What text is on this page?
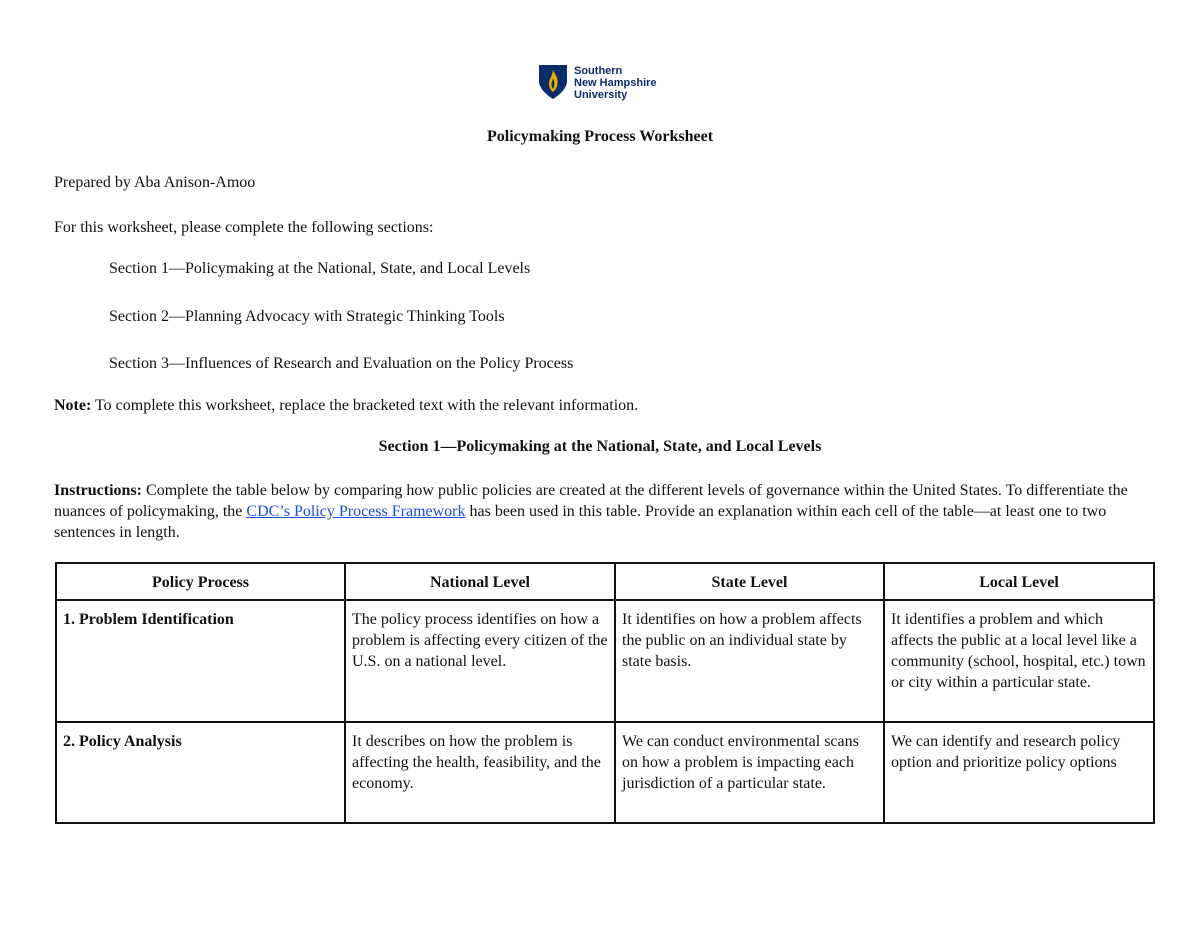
Southern
New Hampshire
University
Policymaking Process Worksheet
Prepared by Aba Anison-Amoo
For this worksheet, please complete the following sections:
Section 1—Policymaking at the National, State, and Local Levels
Section 2—Planning Advocacy with Strategic Thinking Tools
Section 3—Influences of Research and Evaluation on the Policy Process
Note: To complete this worksheet, replace the bracketed text with the relevant information.
Section 1—Policymaking at the National, State, and Local Levels
Instructions: Complete the table below by comparing how public policies are created at the different levels of governance within the United States. To differentiate the nuances of policymaking, the CDC’s Policy Process Framework has been used in this table. Provide an explanation within each cell of the table—at least one to two sentences in length.
Policy Process	National Level	State Level	Local Level
1. Problem Identification	The policy process identifies on how a problem is affecting every citizen of the U.S. on a national level.	It identifies on how a problem affects the public on an individual state by state basis.	It identifies a problem and which affects the public at a local level like a community (school, hospital, etc.) town or city within a particular state.
2. Policy Analysis	It describes on how the problem is affecting the health, feasibility, and the economy.	We can conduct environmental scans on how a problem is impacting each jurisdiction of a particular state.	We can identify and research policy option and prioritize policy options
